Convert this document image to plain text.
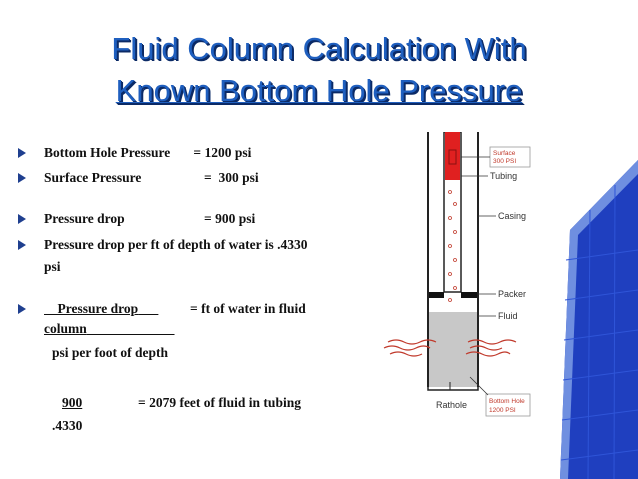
Fluid Column Calculation With
Known Bottom Hole Pressure
Bottom Hole Pressure = 1200 psi
Surface Pressure	=  300 psi
Pressure drop	= 900 psi
Pressure drop per ft of depth of water is .4330
psi
Pressure drop	= ft of water in fluid
column
psi per foot of depth
900	= 2079 feet of fluid in tubing
.4330
Surface
300 PSI
Tubing
Casing
Packer
Fluid
Rathole	Bottom Hole
1200 PSI
